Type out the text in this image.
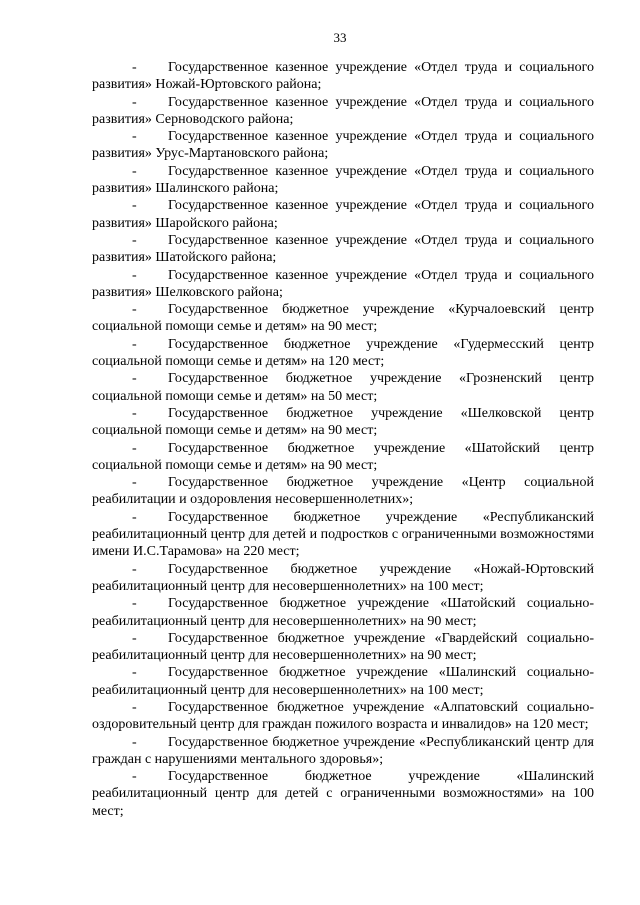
33

- Государственное казенное учреждение «Отдел труда и социального развития» Ножай-Юртовского района;

- Государственное казенное учреждение «Отдел труда и социального развития» Серноводского района;

- Государственное казенное учреждение «Отдел труда и социального развития» Урус-Мартановского района;

- Государственное казенное учреждение «Отдел труда и социального развития» Шалинского района;

- Государственное казенное учреждение «Отдел труда и социального развития» Шаройского района;

- Государственное казенное учреждение «Отдел труда и социального развития» Шатойского района;

- Государственное казенное учреждение «Отдел труда и социального развития» Шелковского района;

- Государственное бюджетное учреждение «Курчалоевский центр социальной помощи семье и детям» на 90 мест;

- Государственное бюджетное учреждение «Гудермесский центр социальной помощи семье и детям» на 120 мест;

- Государственное бюджетное учреждение «Грозненский центр социальной помощи семье и детям» на 50 мест;

- Государственное бюджетное учреждение «Шелковской центр социальной помощи семье и детям» на 90 мест;

- Государственное бюджетное учреждение «Шатойский центр социальной помощи семье и детям» на 90 мест;

- Государственное бюджетное учреждение «Центр социальной реабилитации и оздоровления несовершеннолетних»;

- Государственное бюджетное учреждение «Республиканский реабилитационный центр для детей и подростков с ограниченными возможностями имени И.С.Тарамова» на 220 мест;

- Государственное бюджетное учреждение «Ножай-Юртовский реабилитационный центр для несовершеннолетних» на 100 мест;

- Государственное бюджетное учреждение «Шатойский социально-реабилитационный центр для несовершеннолетних» на 90 мест;

- Государственное бюджетное учреждение «Гвардейский социально-реабилитационный центр для несовершеннолетних» на 90 мест;

- Государственное бюджетное учреждение «Шалинский социально-реабилитационный центр для несовершеннолетних» на 100 мест;

- Государственное бюджетное учреждение «Алпатовский социально-оздоровительный центр для граждан пожилого возраста и инвалидов» на 120 мест;

- Государственное бюджетное учреждение «Республиканский центр для граждан с нарушениями ментального здоровья»;

- Государственное бюджетное учреждение «Шалинский реабилитационный центр для детей с ограниченными возможностями» на 100 мест;
